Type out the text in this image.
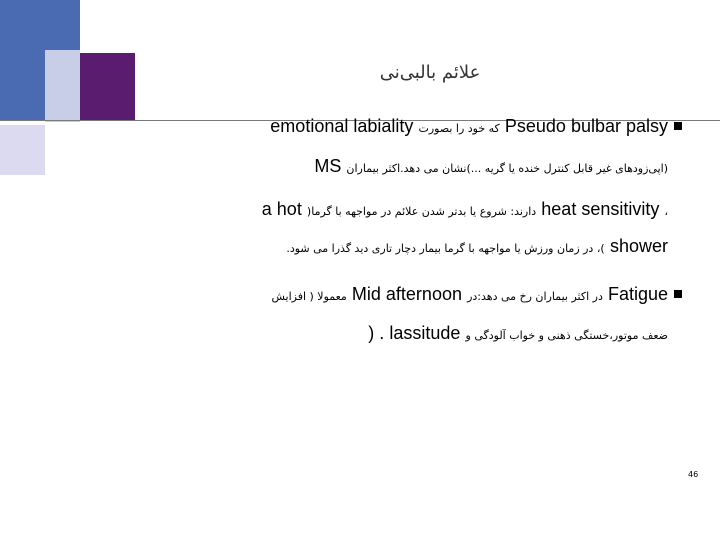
علائم بالبی‌نی
Pseudo bulbar palsy که خود را بصورت emotional labiality
(اپی‌زودهای غیر قابل کنترل خنده یا گریه ...)نشان می دهد.اکثر بیماران MS
، heat sensitivity دارند: شروع یا بدتر شدن علائم در مواجهه با گرما( a hot
shower )، در زمان ورزش یا مواجهه با گرما بیمار دچار تاری دید گذرا می شود.
Fatigue در اکثر بیماران رخ می دهد:در Mid afternoon معمولا ( افزایش
ضعف موتور،خستگی ذهنی و خواب آلودگی و lassitude ) .
46
